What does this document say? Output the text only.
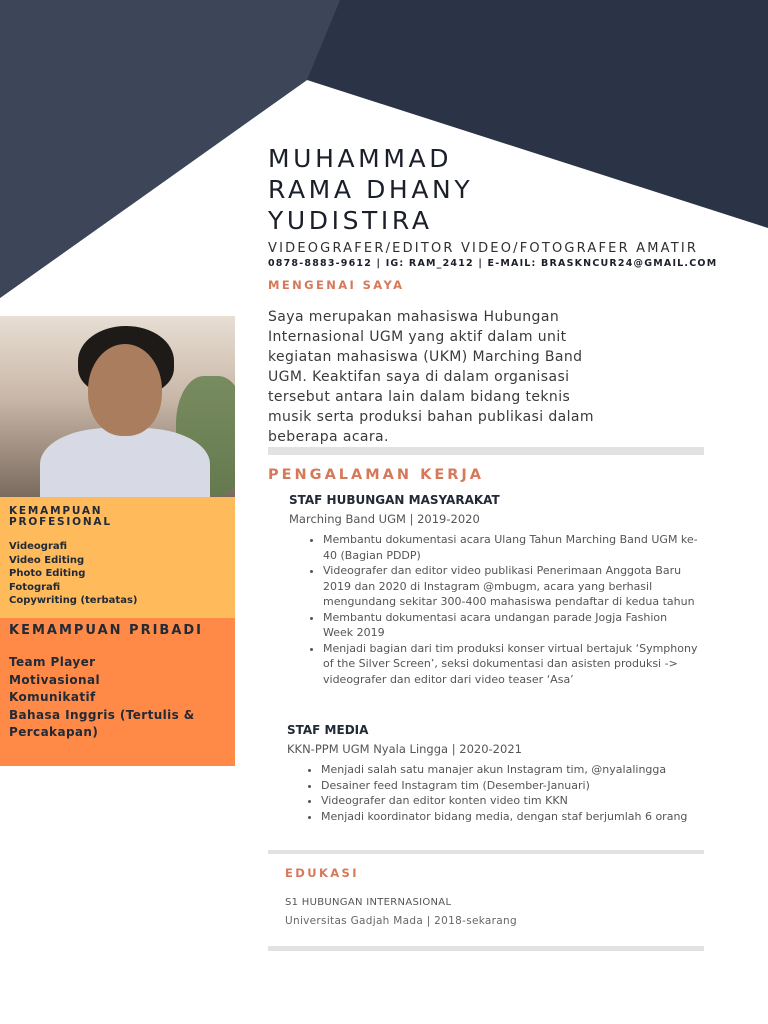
MUHAMMAD
RAMA DHANY
YUDISTIRA
VIDEOGRAFER/EDITOR VIDEO/FOTOGRAFER AMATIR
0878-8883-9612 | IG: RAM_2412 | E-MAIL: BRASKNCUR24@GMAIL.COM
MENGENAI SAYA
Saya merupakan mahasiswa Hubungan Internasional UGM yang aktif dalam unit kegiatan mahasiswa (UKM) Marching Band UGM. Keaktifan saya di dalam organisasi tersebut antara lain dalam bidang teknis musik serta produksi bahan publikasi dalam beberapa acara.
PENGALAMAN KERJA
STAF HUBUNGAN MASYARAKAT
Marching Band UGM | 2019-2020
• Membantu dokumentasi acara Ulang Tahun Marching Band UGM ke-40 (Bagian PDDP)
• Videografer dan editor video publikasi Penerimaan Anggota Baru 2019 dan 2020 di Instagram @mbugm, acara yang berhasil mengundang sekitar 300-400 mahasiswa pendaftar di kedua tahun
• Membantu dokumentasi acara undangan parade Jogja Fashion Week 2019
• Menjadi bagian dari tim produksi konser virtual bertajuk ‘Symphony of the Silver Screen’, seksi dokumentasi dan asisten produksi -> videografer dan editor dari video teaser ‘Asa’
STAF MEDIA
KKN-PPM UGM Nyala Lingga | 2020-2021
• Menjadi salah satu manajer akun Instagram tim, @nyalalingga
• Desainer feed Instagram tim (Desember-Januari)
• Videografer dan editor konten video tim KKN
• Menjadi koordinator bidang media, dengan staf berjumlah 6 orang
EDUKASI
S1 HUBUNGAN INTERNASIONAL
Universitas Gadjah Mada | 2018-sekarang
KEMAMPUAN
PROFESIONAL
Videografi
Video Editing
Photo Editing
Fotografi
Copywriting (terbatas)
KEMAMPUAN PRIBADI
Team Player
Motivasional
Komunikatif
Bahasa Inggris (Tertulis & Percakapan)
